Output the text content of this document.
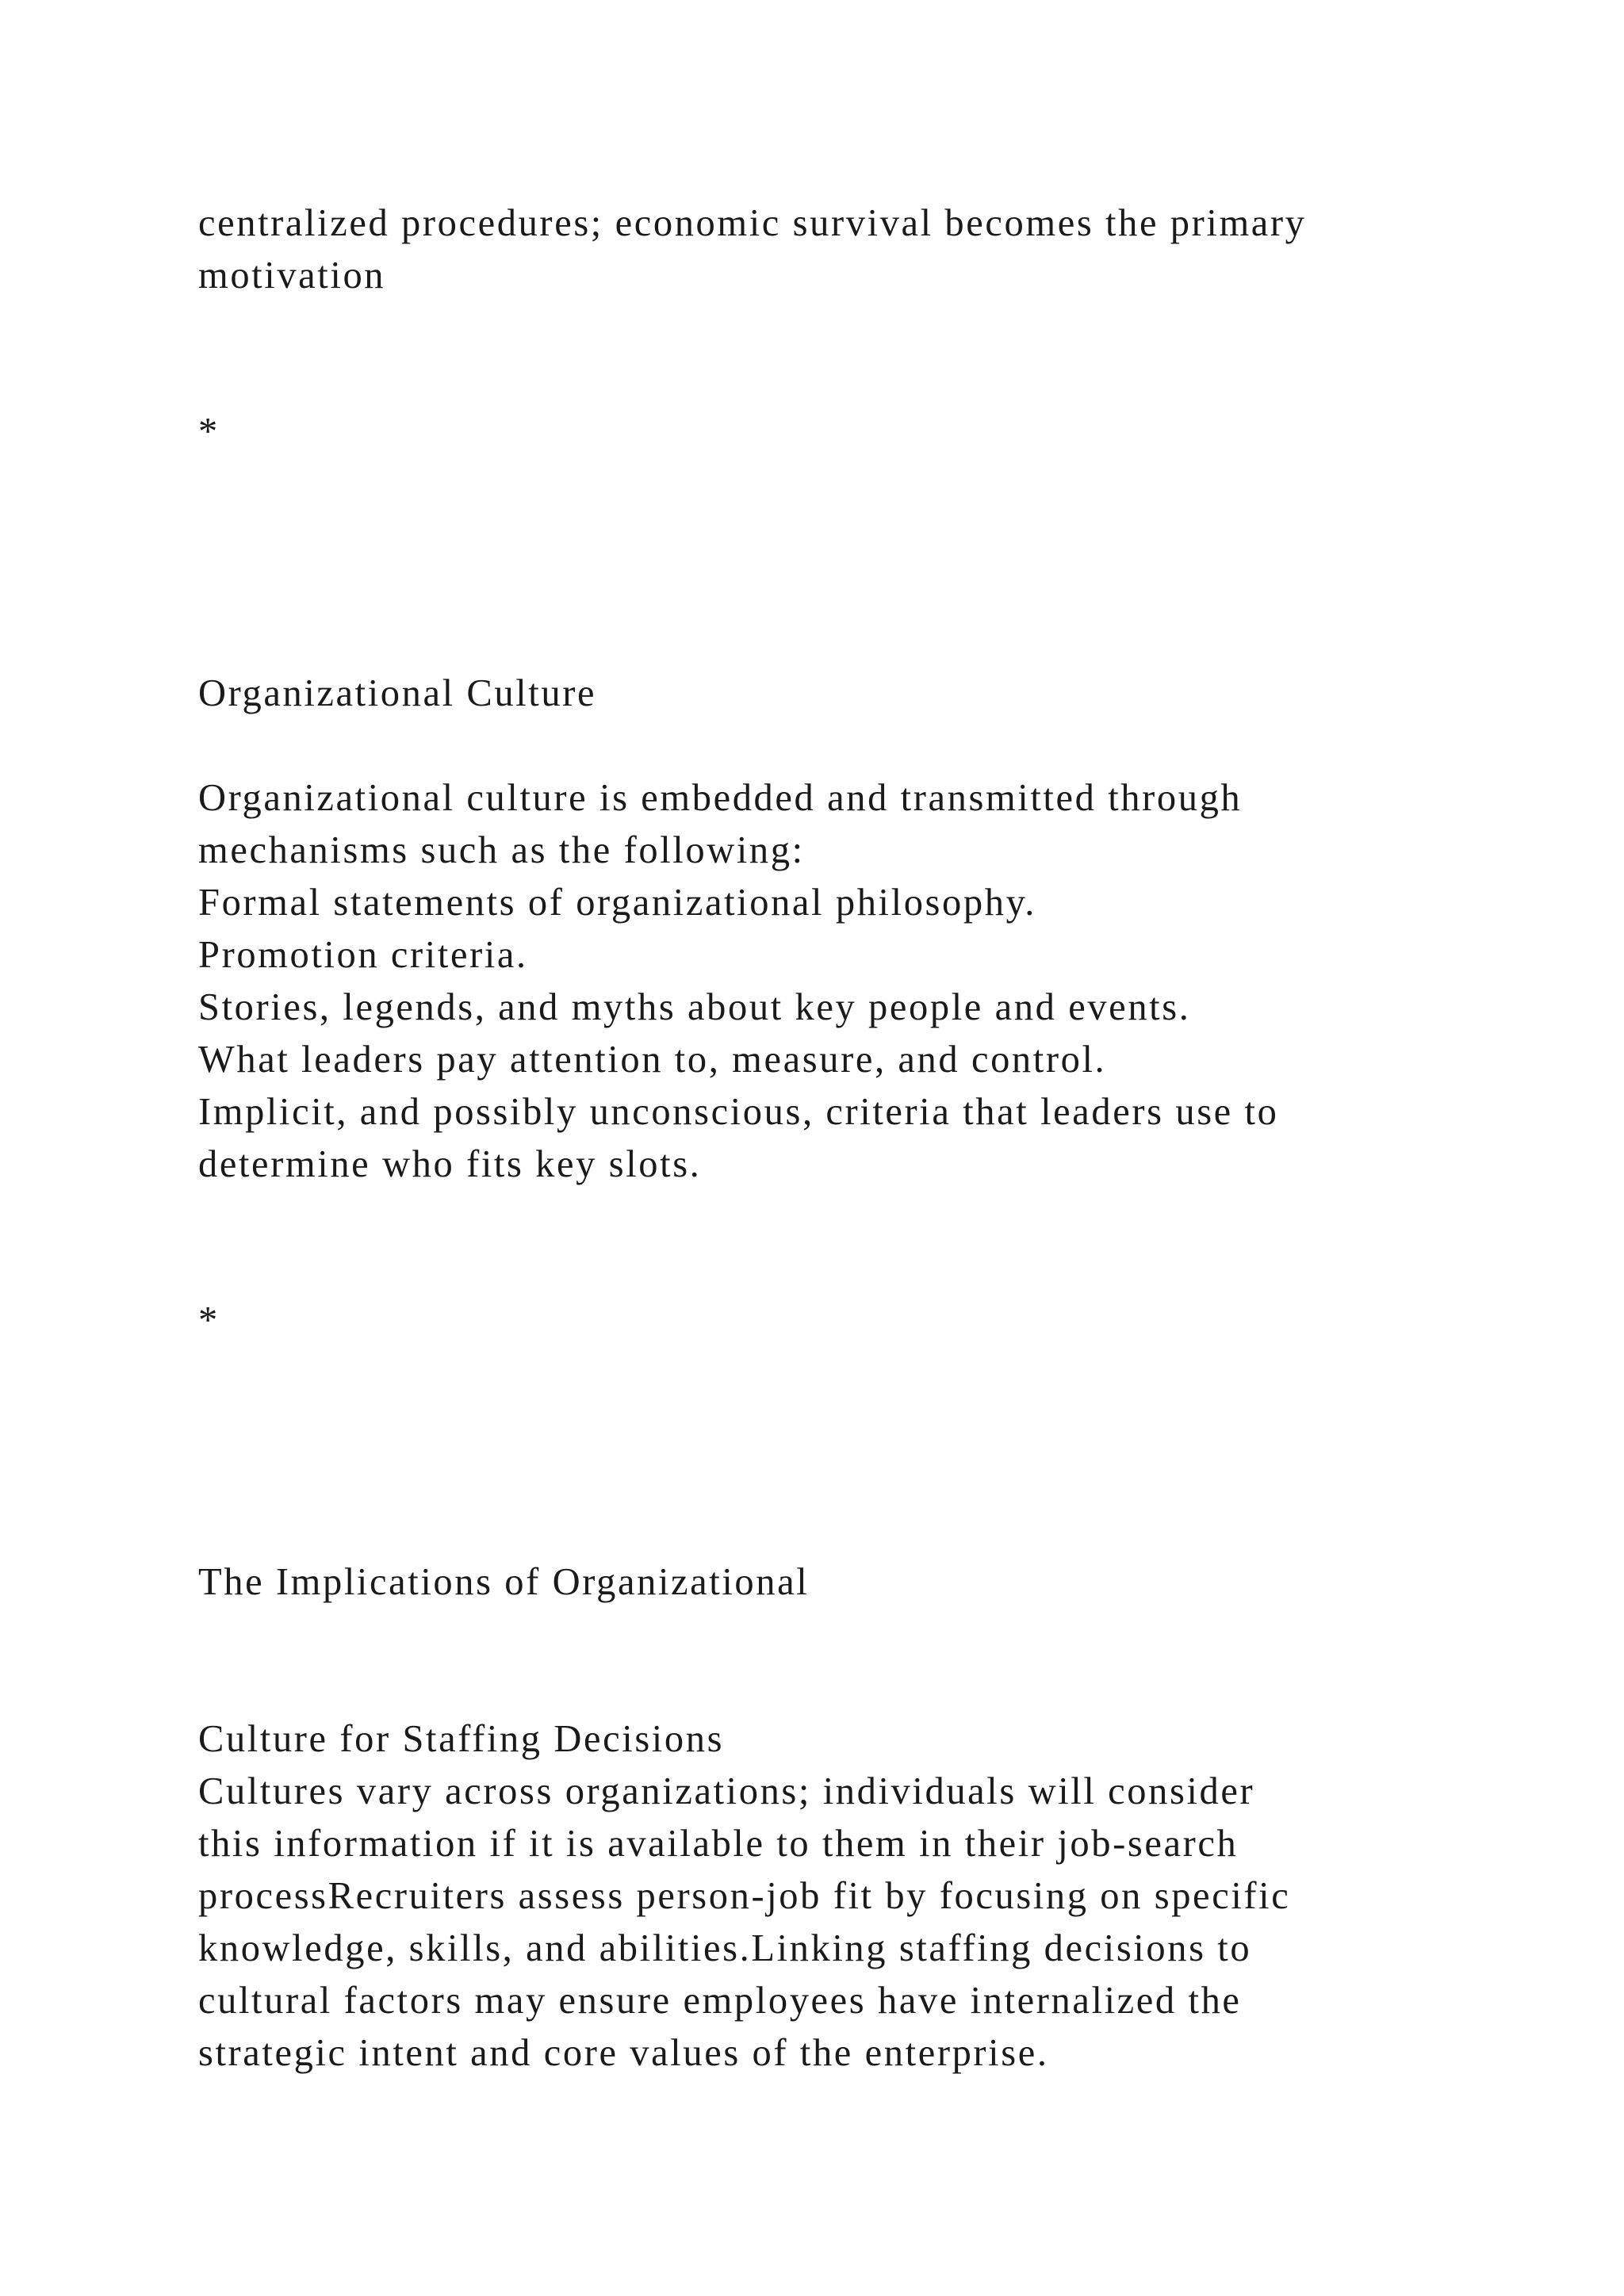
centralized procedures; economic survival becomes the primary
motivation
*
Organizational Culture
Organizational culture is embedded and transmitted through
mechanisms such as the following:
Formal statements of organizational philosophy.
Promotion criteria.
Stories, legends, and myths about key people and events.
What leaders pay attention to, measure, and control.
Implicit, and possibly unconscious, criteria that leaders use to
determine who fits key slots.
*
The Implications of Organizational
Culture for Staffing Decisions
Cultures vary across organizations; individuals will consider
this information if it is available to them in their job-search
processRecruiters assess person-job fit by focusing on specific
knowledge, skills, and abilities.Linking staffing decisions to
cultural factors may ensure employees have internalized the
strategic intent and core values of the enterprise.
